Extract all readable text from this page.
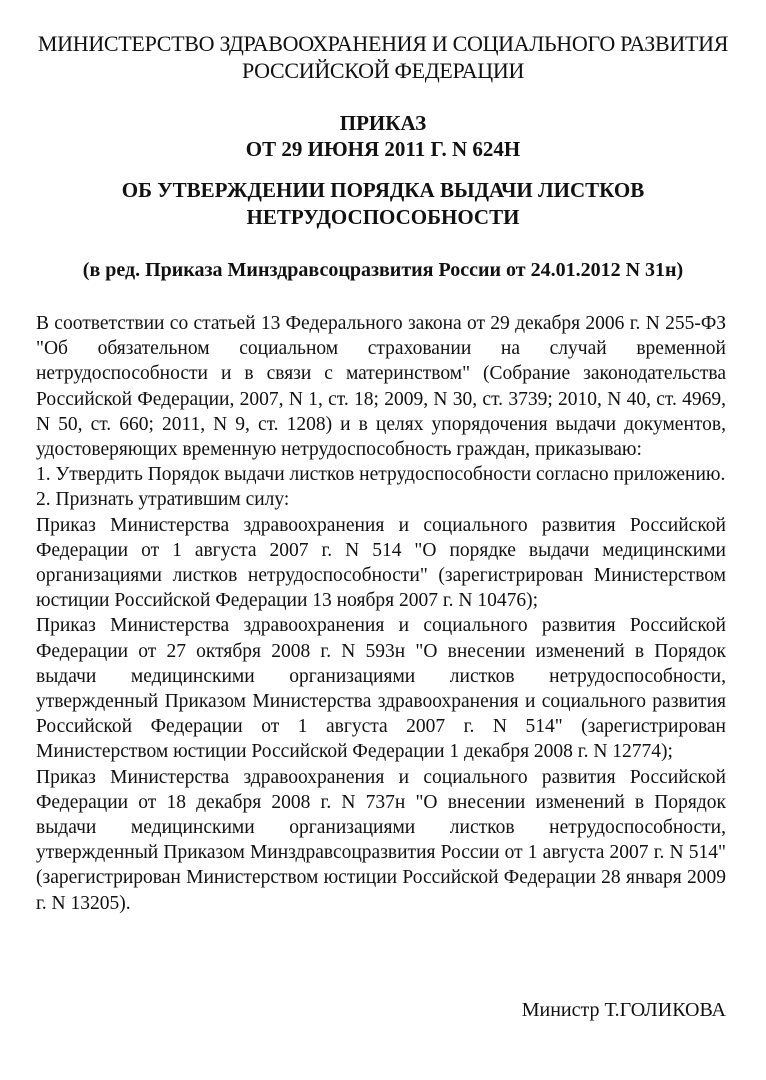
МИНИСТЕРСТВО ЗДРАВООХРАНЕНИЯ И СОЦИАЛЬНОГО РАЗВИТИЯ
РОССИЙСКОЙ ФЕДЕРАЦИИ
ПРИКАЗ
ОТ 29 ИЮНЯ 2011 Г. N 624Н
ОБ УТВЕРЖДЕНИИ ПОРЯДКА ВЫДАЧИ ЛИСТКОВ
НЕТРУДОСПОСОБНОСТИ
(в ред. Приказа Минздравсоцразвития России от 24.01.2012 N 31н)

В соответствии со статьей 13 Федерального закона от 29 декабря 2006 г. N 255-ФЗ "Об обязательном социальном страховании на случай временной нетрудоспособности и в связи с материнством" (Собрание законодательства Российской Федерации, 2007, N 1, ст. 18; 2009, N 30, ст. 3739; 2010, N 40, ст. 4969, N 50, ст. 660; 2011, N 9, ст. 1208) и в целях упорядочения выдачи документов, удостоверяющих временную нетрудоспособность граждан, приказываю:

1. Утвердить Порядок выдачи листков нетрудоспособности согласно приложению.

2. Признать утратившим силу:

Приказ Министерства здравоохранения и социального развития Российской Федерации от 1 августа 2007 г. N 514 "О порядке выдачи медицинскими организациями листков нетрудоспособности" (зарегистрирован Министерством юстиции Российской Федерации 13 ноября 2007 г. N 10476);

Приказ Министерства здравоохранения и социального развития Российской Федерации от 27 октября 2008 г. N 593н "О внесении изменений в Порядок выдачи медицинскими организациями листков нетрудоспособности, утвержденный Приказом Министерства здравоохранения и социального развития Российской Федерации от 1 августа 2007 г. N 514" (зарегистрирован Министерством юстиции Российской Федерации 1 декабря 2008 г. N 12774);

Приказ Министерства здравоохранения и социального развития Российской Федерации от 18 декабря 2008 г. N 737н "О внесении изменений в Порядок выдачи медицинскими организациями листков нетрудоспособности, утвержденный Приказом Минздравсоцразвития России от 1 августа 2007 г. N 514" (зарегистрирован Министерством юстиции Российской Федерации 28 января 2009 г. N 13205).

Министр Т.ГОЛИКОВА
